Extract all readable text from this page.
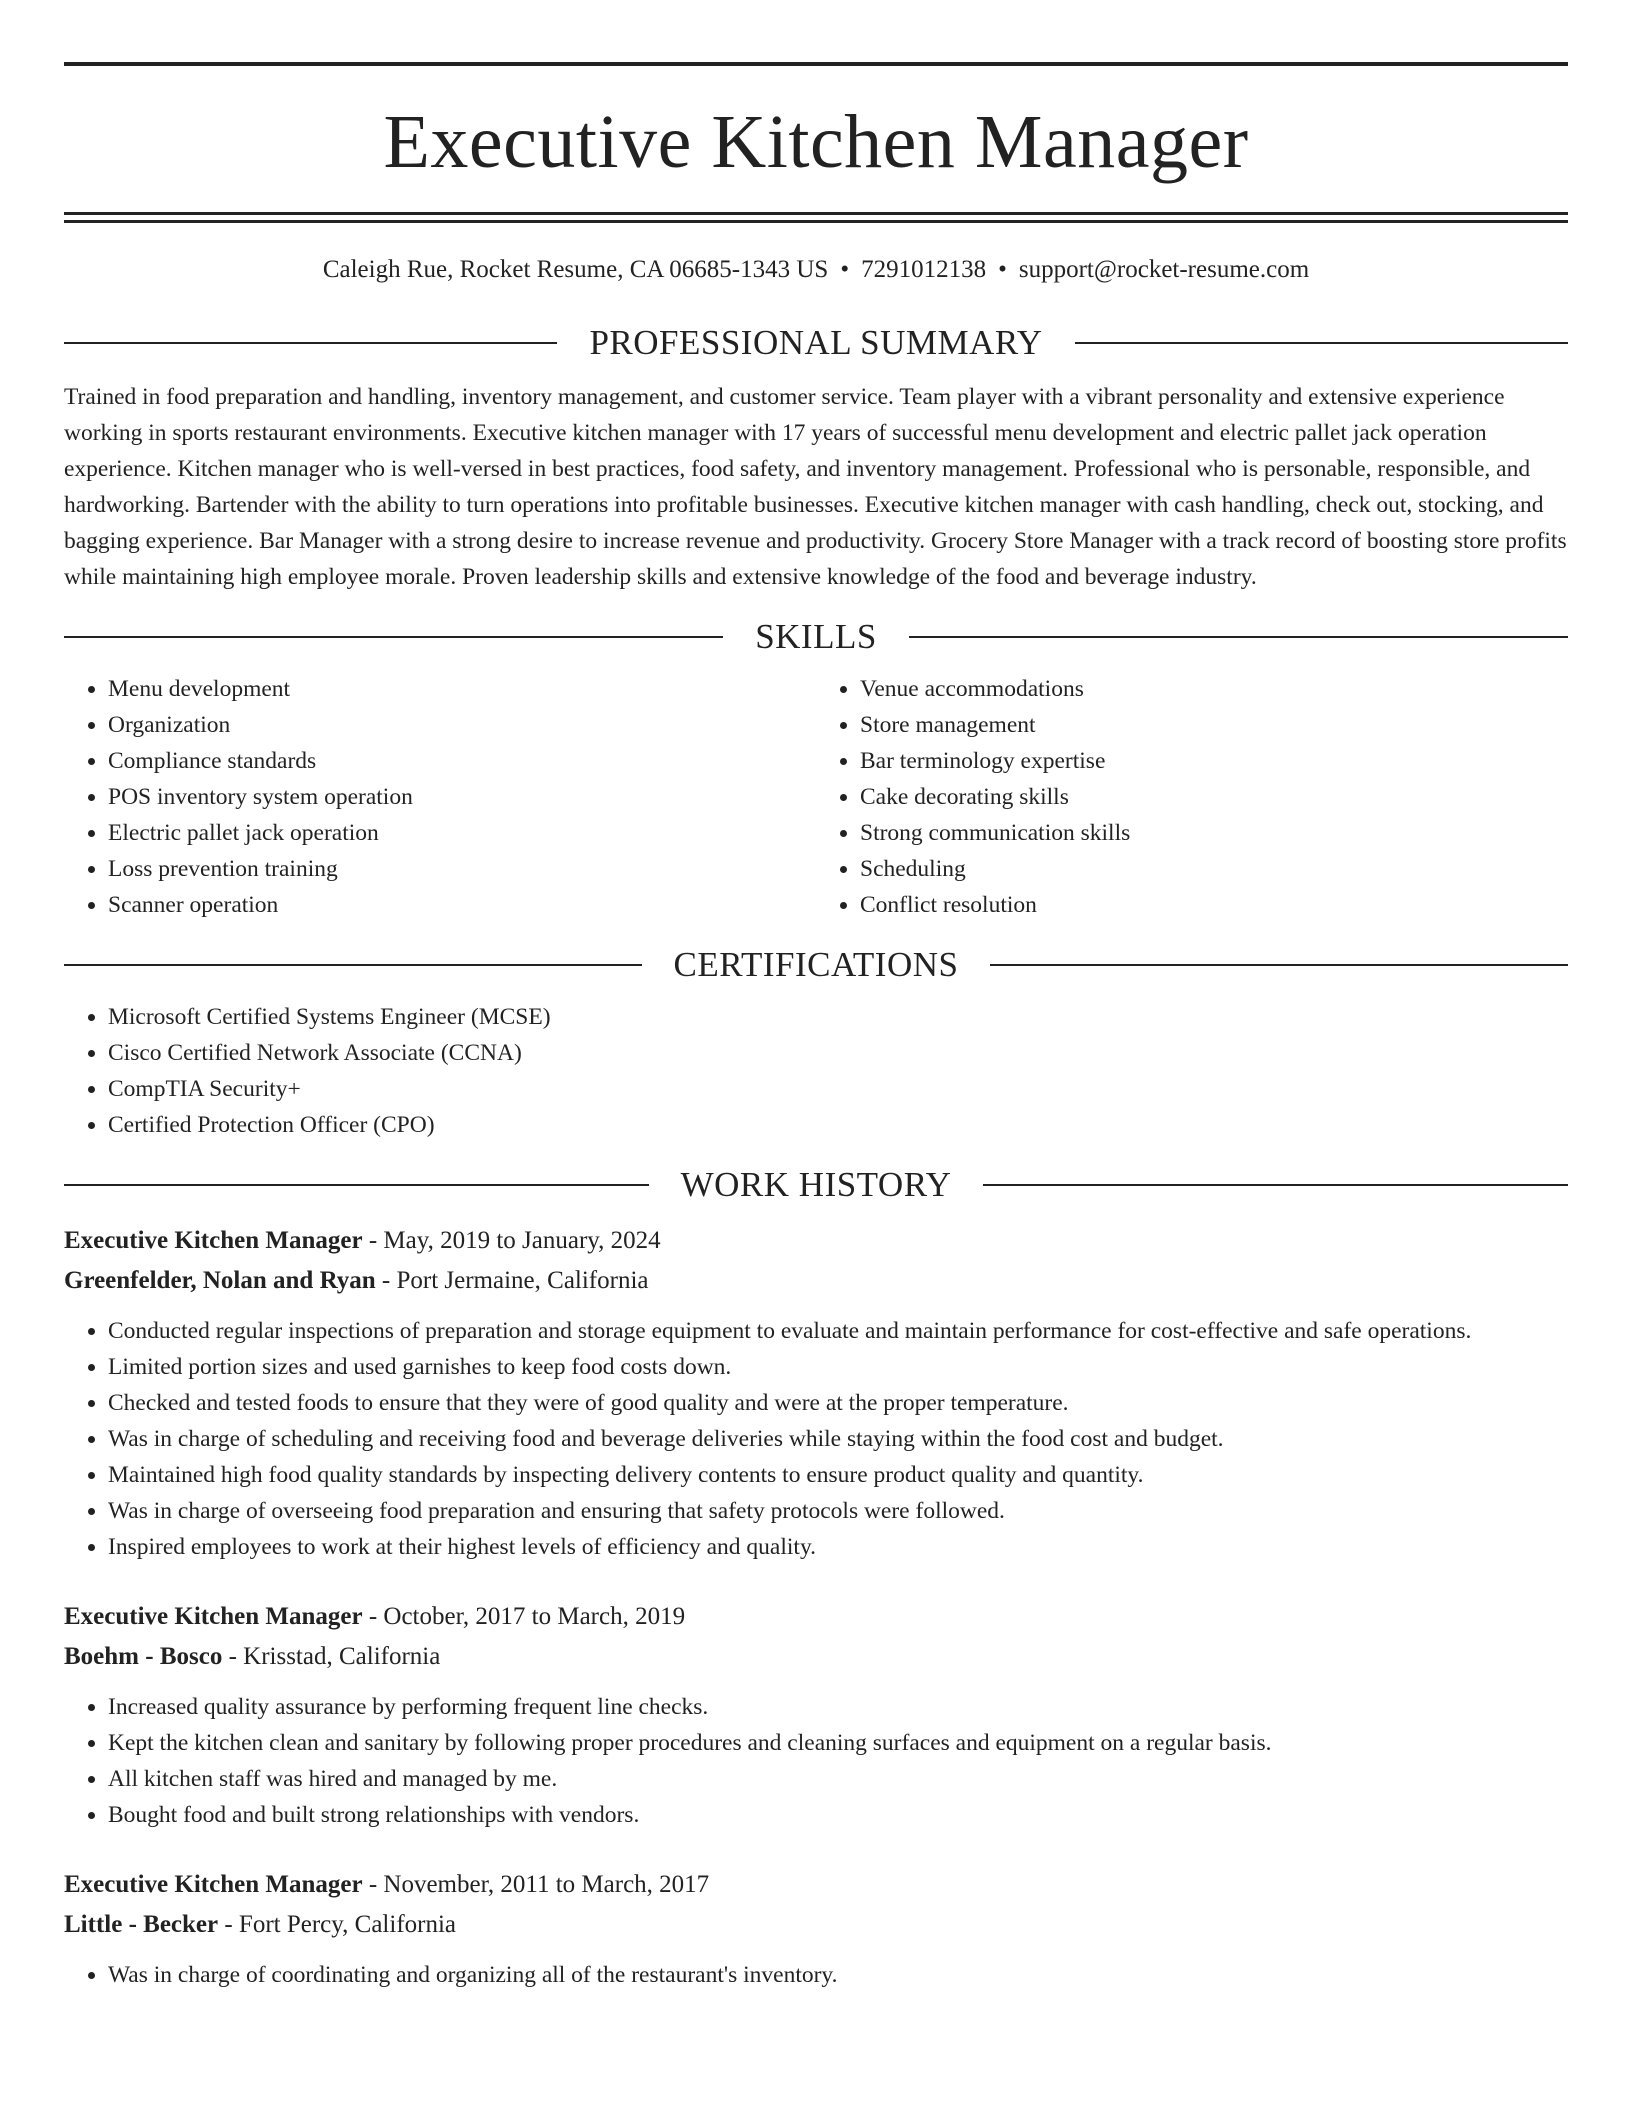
Executive Kitchen Manager
Caleigh Rue, Rocket Resume, CA 06685-1343 US • 7291012138 • support@rocket-resume.com
PROFESSIONAL SUMMARY

Trained in food preparation and handling, inventory management, and customer service. Team player with a vibrant personality and extensive experience working in sports restaurant environments. Executive kitchen manager with 17 years of successful menu development and electric pallet jack operation experience. Kitchen manager who is well-versed in best practices, food safety, and inventory management. Professional who is personable, responsible, and hardworking. Bartender with the ability to turn operations into profitable businesses. Executive kitchen manager with cash handling, check out, stocking, and bagging experience. Bar Manager with a strong desire to increase revenue and productivity. Grocery Store Manager with a track record of boosting store profits while maintaining high employee morale. Proven leadership skills and extensive knowledge of the food and beverage industry.

SKILLS
• Menu development
• Organization
• Compliance standards
• POS inventory system operation
• Electric pallet jack operation
• Loss prevention training
• Scanner operation
• Venue accommodations
• Store management
• Bar terminology expertise
• Cake decorating skills
• Strong communication skills
• Scheduling
• Conflict resolution
CERTIFICATIONS
• Microsoft Certified Systems Engineer (MCSE)
• Cisco Certified Network Associate (CCNA)
• CompTIA Security+
• Certified Protection Officer (CPO)
WORK HISTORY
Executive Kitchen Manager - May, 2019 to January, 2024
Greenfelder, Nolan and Ryan - Port Jermaine, California
• Conducted regular inspections of preparation and storage equipment to evaluate and maintain performance for cost-effective and safe operations.
• Limited portion sizes and used garnishes to keep food costs down.
• Checked and tested foods to ensure that they were of good quality and were at the proper temperature.
• Was in charge of scheduling and receiving food and beverage deliveries while staying within the food cost and budget.
• Maintained high food quality standards by inspecting delivery contents to ensure product quality and quantity.
• Was in charge of overseeing food preparation and ensuring that safety protocols were followed.
• Inspired employees to work at their highest levels of efficiency and quality.
Executive Kitchen Manager - October, 2017 to March, 2019
Boehm - Bosco - Krisstad, California
• Increased quality assurance by performing frequent line checks.
• Kept the kitchen clean and sanitary by following proper procedures and cleaning surfaces and equipment on a regular basis.
• All kitchen staff was hired and managed by me.
• Bought food and built strong relationships with vendors.
Executive Kitchen Manager - November, 2011 to March, 2017
Little - Becker - Fort Percy, California
• Was in charge of coordinating and organizing all of the restaurant's inventory.
